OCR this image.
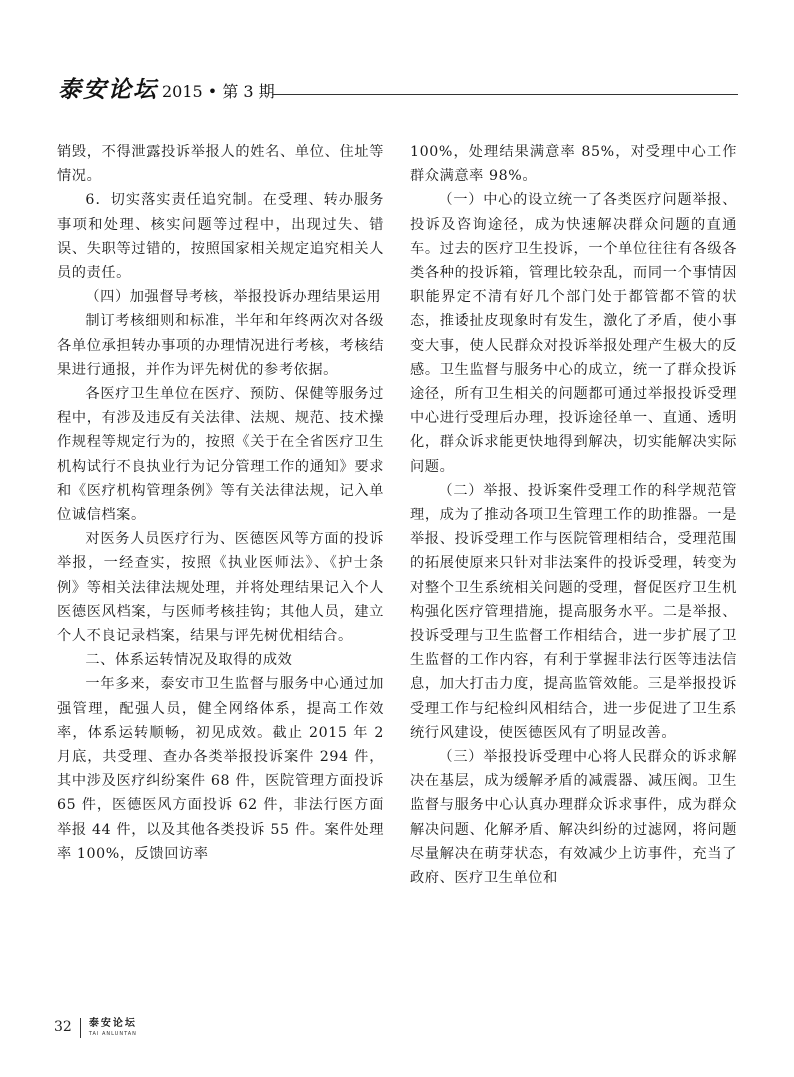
泰安论坛 2015 • 第 3 期

销毁，不得泄露投诉举报人的姓名、单位、住址等情况。

6．切实落实责任追究制。在受理、转办服务事项和处理、核实问题等过程中，出现过失、错误、失职等过错的，按照国家相关规定追究相关人员的责任。

（四）加强督导考核，举报投诉办理结果运用

制订考核细则和标准，半年和年终两次对各级各单位承担转办事项的办理情况进行考核，考核结果进行通报，并作为评先树优的参考依据。

各医疗卫生单位在医疗、预防、保健等服务过程中，有涉及违反有关法律、法规、规范、技术操作规程等规定行为的，按照《关于在全省医疗卫生机构试行不良执业行为记分管理工作的通知》要求和《医疗机构管理条例》等有关法律法规，记入单位诚信档案。

对医务人员医疗行为、医德医风等方面的投诉举报，一经查实，按照《执业医师法》、《护士条例》等相关法律法规处理，并将处理结果记入个人医德医风档案，与医师考核挂钩；其他人员，建立个人不良记录档案，结果与评先树优相结合。

二、体系运转情况及取得的成效

一年多来，泰安市卫生监督与服务中心通过加强管理，配强人员，健全网络体系，提高工作效率，体系运转顺畅，初见成效。截止 2015 年 2 月底，共受理、查办各类举报投诉案件 294 件，其中涉及医疗纠纷案件 68 件，医院管理方面投诉 65 件，医德医风方面投诉 62 件，非法行医方面举报 44 件，以及其他各类投诉 55 件。案件处理率 100%，反馈回访率

100%，处理结果满意率 85%，对受理中心工作群众满意率 98%。

（一）中心的设立统一了各类医疗问题举报、投诉及咨询途径，成为快速解决群众问题的直通车。过去的医疗卫生投诉，一个单位往往有各级各类各种的投诉箱，管理比较杂乱，而同一个事情因职能界定不清有好几个部门处于都管都不管的状态，推诿扯皮现象时有发生，激化了矛盾，使小事变大事，使人民群众对投诉举报处理产生极大的反感。卫生监督与服务中心的成立，统一了群众投诉途径，所有卫生相关的问题都可通过举报投诉受理中心进行受理后办理，投诉途径单一、直通、透明化，群众诉求能更快地得到解决，切实能解决实际问题。

（二）举报、投诉案件受理工作的科学规范管理，成为了推动各项卫生管理工作的助推器。一是举报、投诉受理工作与医院管理相结合，受理范围的拓展使原来只针对非法案件的投诉受理，转变为对整个卫生系统相关问题的受理，督促医疗卫生机构强化医疗管理措施，提高服务水平。二是举报、投诉受理与卫生监督工作相结合，进一步扩展了卫生监督的工作内容，有利于掌握非法行医等违法信息，加大打击力度，提高监管效能。三是举报投诉受理工作与纪检纠风相结合，进一步促进了卫生系统行风建设，使医德医风有了明显改善。

（三）举报投诉受理中心将人民群众的诉求解决在基层，成为缓解矛盾的减震器、减压阀。卫生监督与服务中心认真办理群众诉求事件，成为群众解决问题、化解矛盾、解决纠纷的过滤网，将问题尽量解决在萌芽状态，有效减少上访事件，充当了政府、医疗卫生单位和

32 泰安论坛
TAI ANLUNTAN
